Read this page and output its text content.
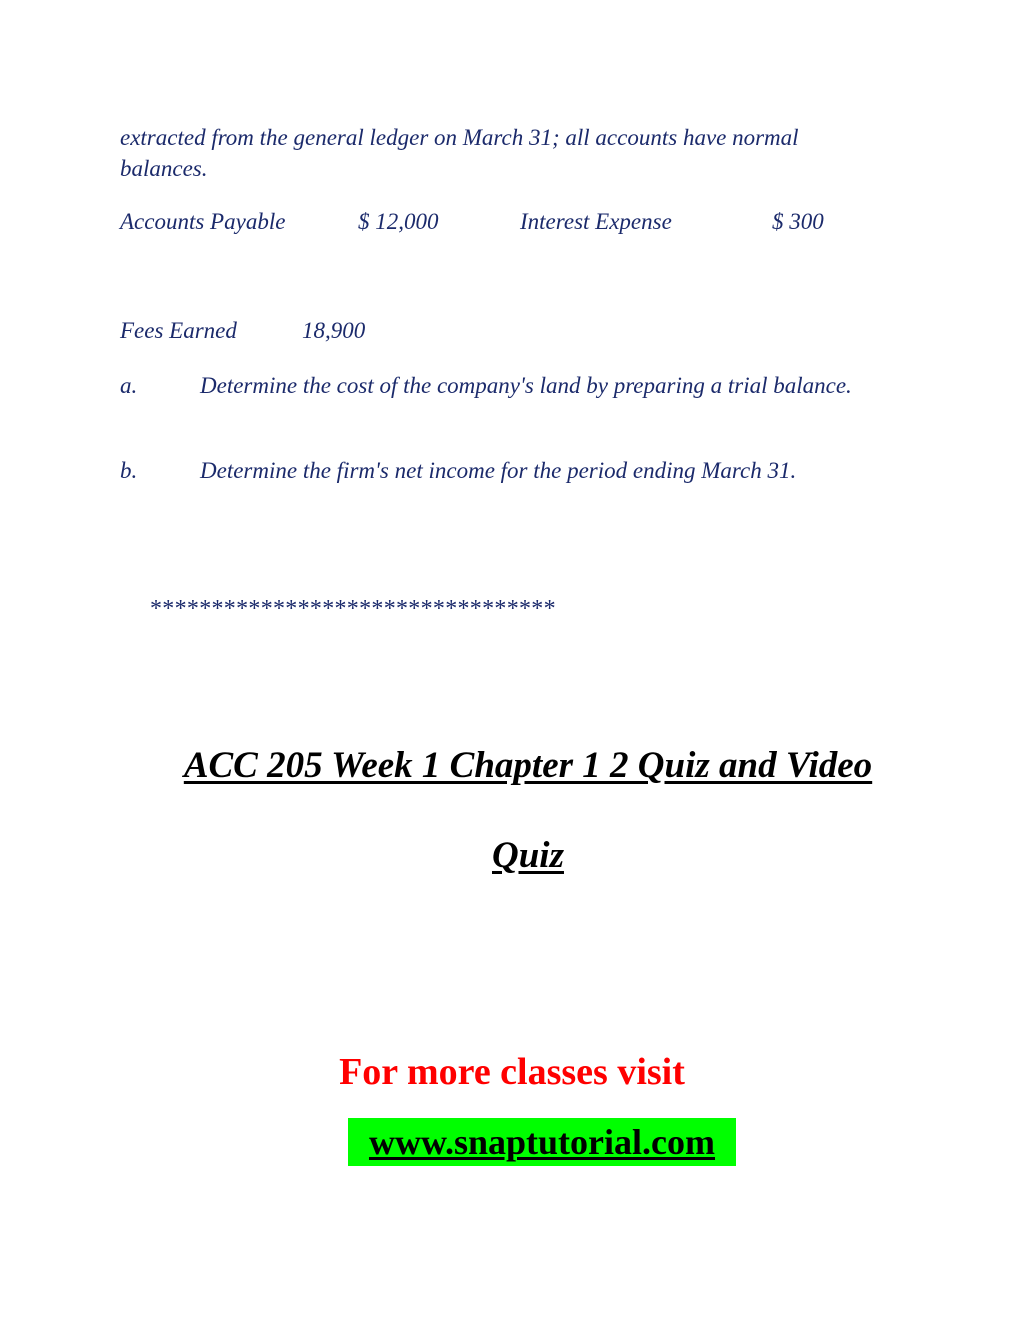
extracted from the general ledger on March 31; all accounts have normal balances.
Accounts Payable	$ 12,000	Interest Expense	$ 300
Fees Earned	18,900
a.	Determine the cost of the company's land by preparing a trial balance.
b.	Determine the firm's net income for the period ending March 31.
*********************************
ACC 205 Week 1 Chapter 1 2 Quiz and Video
Quiz
For more classes visit
www.snaptutorial.com
